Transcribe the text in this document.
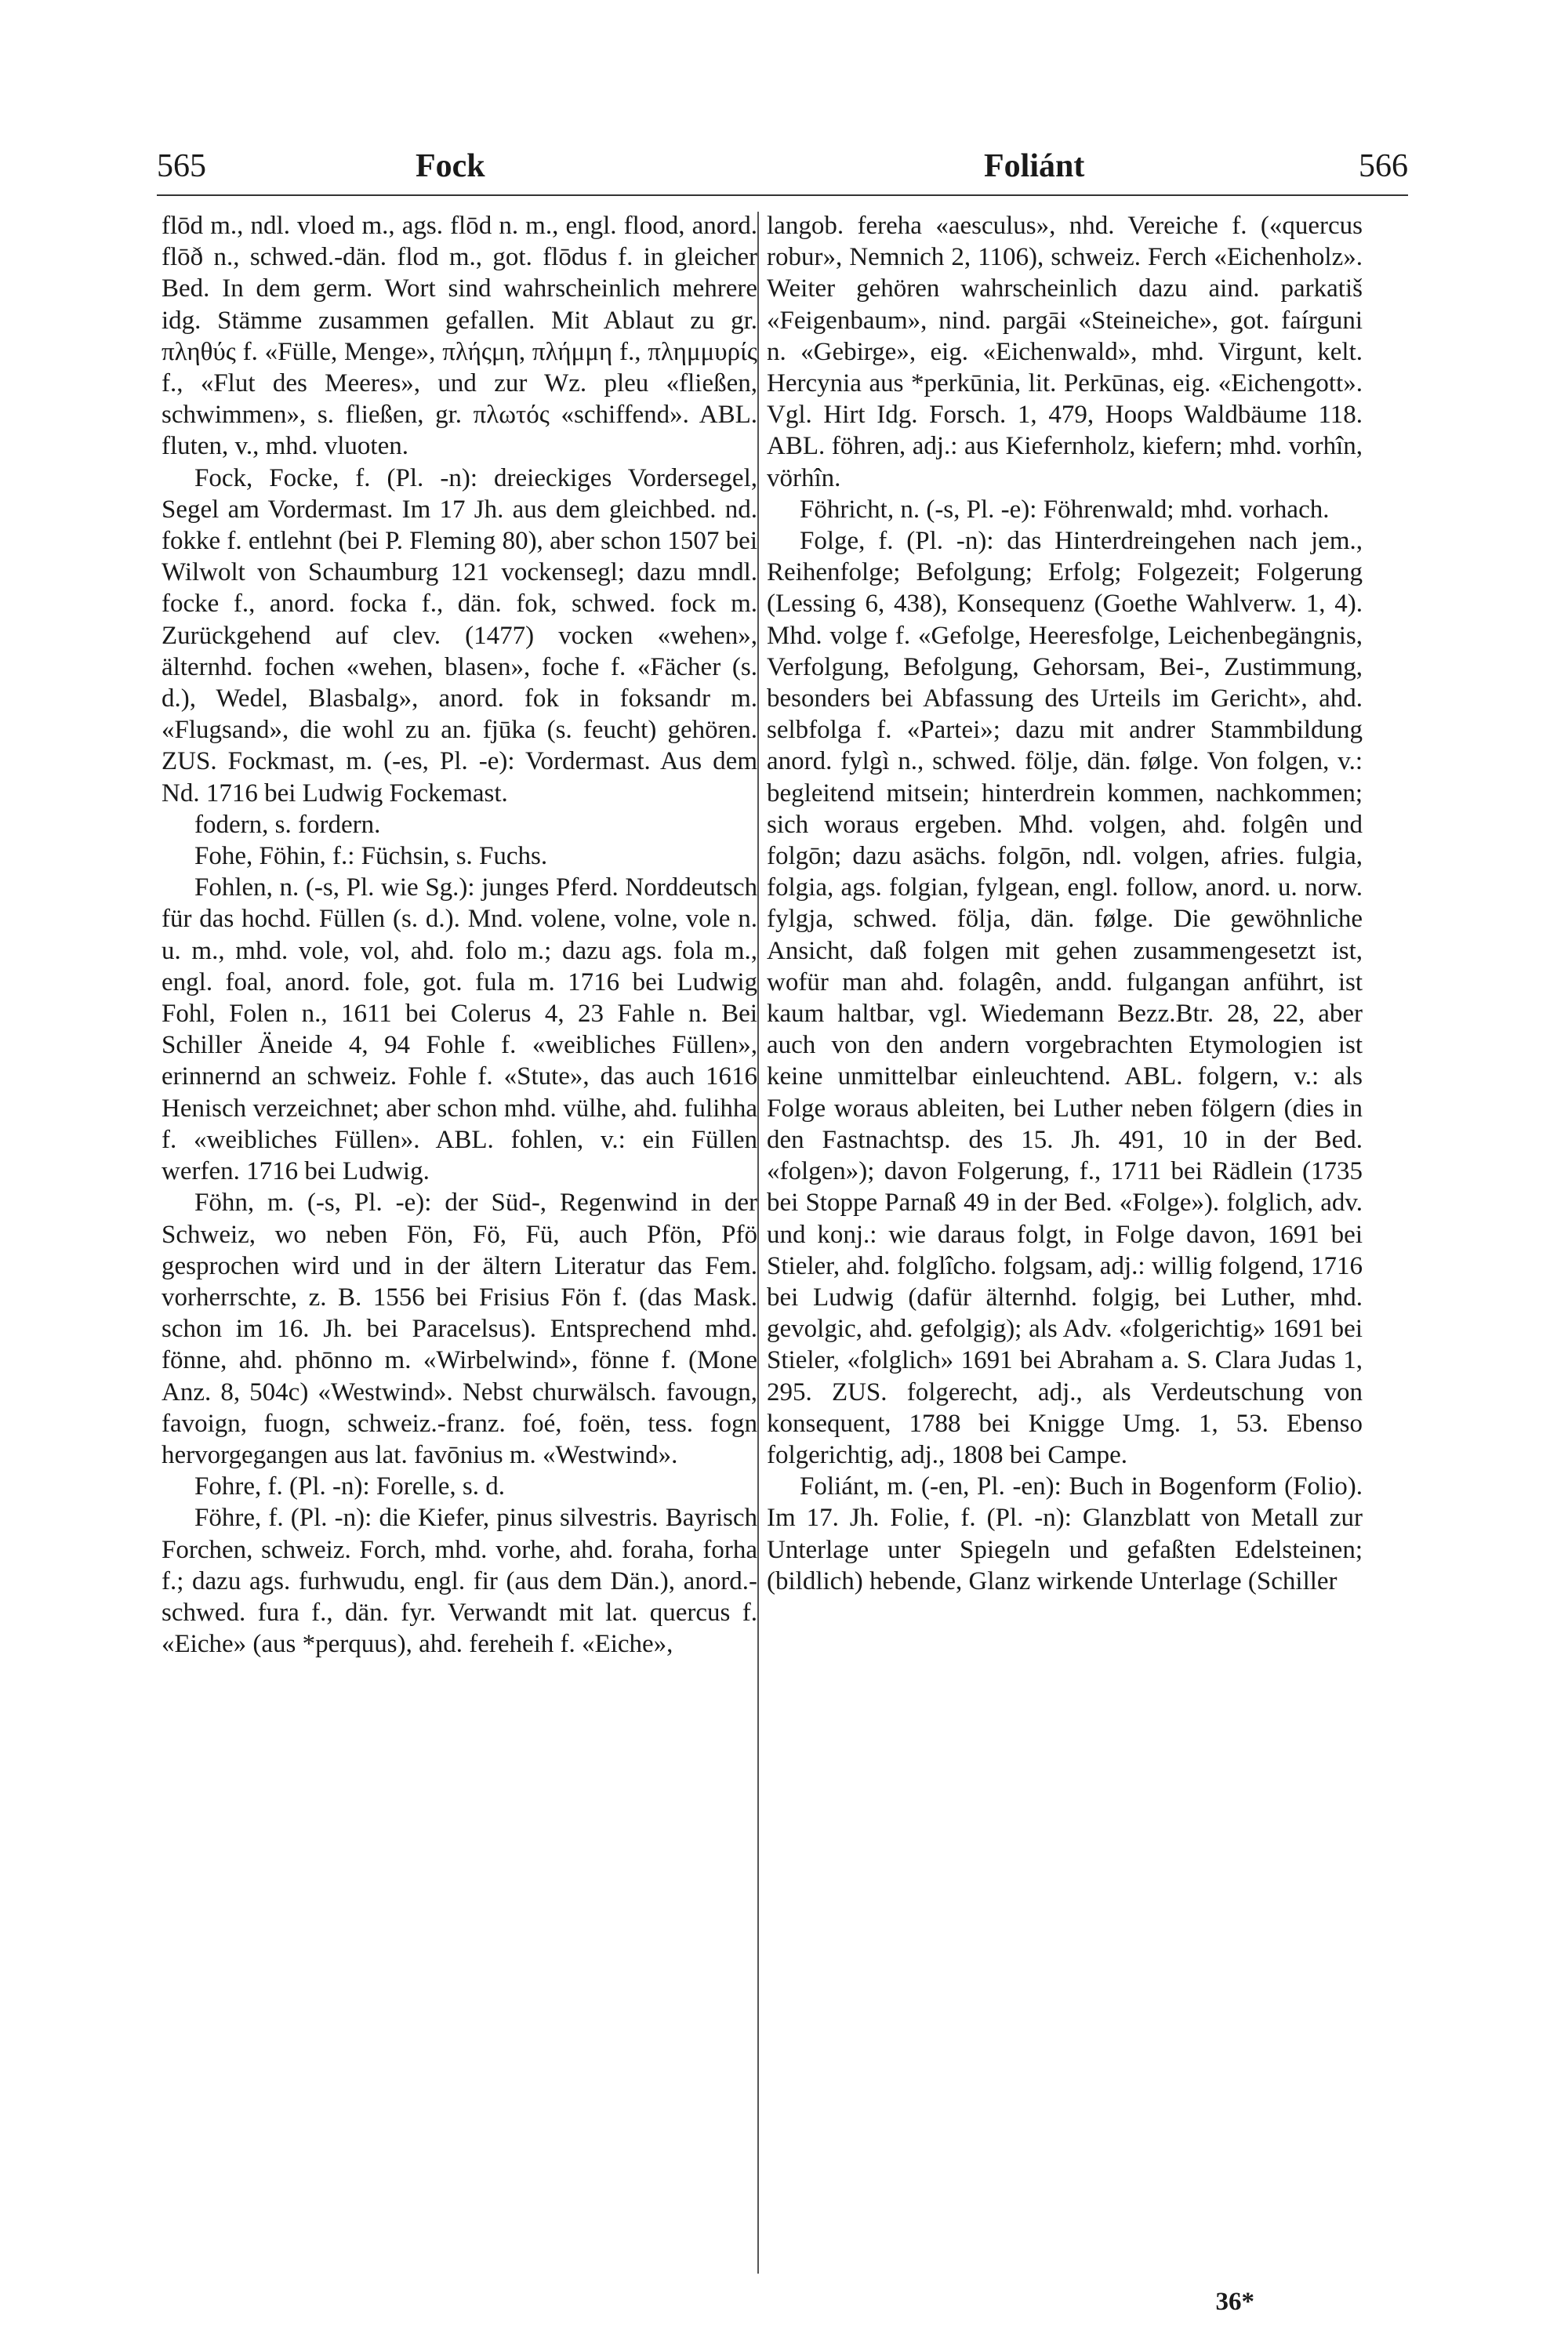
565	Fock	Foliánt	566

flōd m., ndl. vloed m., ags. flōd n. m., engl. flood, anord. flōð n., schwed.-dän. flod m., got. flōdus f. in gleicher Bed. In dem germ. Wort sind wahrscheinlich mehrere idg. Stämme zusammen gefallen. Mit Ablaut zu gr. πληθύς f. «Fülle, Menge», πλήςμη, πλήμμη f., πλημμυρίς f., «Flut des Meeres», und zur Wz. pleu «fließen, schwimmen», s. fließen, gr. πλωτός «schiffend». ABL. fluten, v., mhd. vluoten.

Fock, Focke, f. (Pl. -n): dreieckiges Vordersegel, Segel am Vordermast. Im 17 Jh. aus dem gleichbed. nd. fokke f. entlehnt (bei P. Fleming 80), aber schon 1507 bei Wilwolt von Schaumburg 121 vockensegl; dazu mndl. focke f., anord. focka f., dän. fok, schwed. fock m. Zurückgehend auf clev. (1477) vocken «wehen», älternhd. fochen «wehen, blasen», foche f. «Fächer (s. d.), Wedel, Blasbalg», anord. fok in foksandr m. «Flugsand», die wohl zu an. fjūka (s. feucht) gehören. ZUS. Fockmast, m. (-es, Pl. -e): Vordermast. Aus dem Nd. 1716 bei Ludwig Fockemast.

fodern, s. fordern.

Fohe, Föhin, f.: Füchsin, s. Fuchs.

Fohlen, n. (-s, Pl. wie Sg.): junges Pferd. Norddeutsch für das hochd. Füllen (s. d.). Mnd. volene, volne, vole n. u. m., mhd. vole, vol, ahd. folo m.; dazu ags. fola m., engl. foal, anord. fole, got. fula m. 1716 bei Ludwig Fohl, Folen n., 1611 bei Colerus 4, 23 Fahle n. Bei Schiller Äneide 4, 94 Fohle f. «weibliches Füllen», erinnernd an schweiz. Fohle f. «Stute», das auch 1616 Henisch verzeichnet; aber schon mhd. vülhe, ahd. fulihha f. «weibliches Füllen». ABL. fohlen, v.: ein Füllen werfen. 1716 bei Ludwig.

Föhn, m. (-s, Pl. -e): der Süd-, Regenwind in der Schweiz, wo neben Fön, Fö, Fü, auch Pfön, Pfö gesprochen wird und in der ältern Literatur das Fem. vorherrschte, z. B. 1556 bei Frisius Fön f. (das Mask. schon im 16. Jh. bei Paracelsus). Entsprechend mhd. fönne, ahd. phōnno m. «Wirbelwind», fönne f. (Mone Anz. 8, 504c) «Westwind». Nebst churwälsch. favougn, favoign, fuogn, schweiz.-franz. foé, foën, tess. fogn hervorgegangen aus lat. favōnius m. «Westwind».

Fohre, f. (Pl. -n): Forelle, s. d.

Föhre, f. (Pl. -n): die Kiefer, pinus silvestris. Bayrisch Forchen, schweiz. Forch, mhd. vorhe, ahd. foraha, forha f.; dazu ags. furhwudu, engl. fir (aus dem Dän.), anord.-schwed. fura f., dän. fyr. Verwandt mit lat. quercus f. «Eiche» (aus *perquus), ahd. fereheih f. «Eiche»,

langob. fereha «aesculus», nhd. Vereiche f. («quercus robur», Nemnich 2, 1106), schweiz. Ferch «Eichenholz». Weiter gehören wahrscheinlich dazu aind. parkatiš «Feigenbaum», nind. pargāi «Steineiche», got. faírguni n. «Gebirge», eig. «Eichenwald», mhd. Virgunt, kelt. Hercynia aus *perkūnia, lit. Perkūnas, eig. «Eichengott». Vgl. Hirt Idg. Forsch. 1, 479, Hoops Waldbäume 118. ABL. föhren, adj.: aus Kiefernholz, kiefern; mhd. vorhîn, vörhîn.

Föhricht, n. (-s, Pl. -e): Föhrenwald; mhd. vorhach.

Folge, f. (Pl. -n): das Hinterdreingehen nach jem., Reihenfolge; Befolgung; Erfolg; Folgezeit; Folgerung (Lessing 6, 438), Konsequenz (Goethe Wahlverw. 1, 4). Mhd. volge f. «Gefolge, Heeresfolge, Leichenbegängnis, Verfolgung, Befolgung, Gehorsam, Bei-, Zustimmung, besonders bei Abfassung des Urteils im Gericht», ahd. selbfolga f. «Partei»; dazu mit andrer Stammbildung anord. fylgì n., schwed. följe, dän. følge. Von folgen, v.: begleitend mitsein; hinterdrein kommen, nachkommen; sich woraus ergeben. Mhd. volgen, ahd. folgên und folgōn; dazu asächs. folgōn, ndl. volgen, afries. fulgia, folgia, ags. folgian, fylgean, engl. follow, anord. u. norw. fylgja, schwed. följa, dän. følge. Die gewöhnliche Ansicht, daß folgen mit gehen zusammengesetzt ist, wofür man ahd. folagên, andd. fulgangan anführt, ist kaum haltbar, vgl. Wiedemann Bezz.Btr. 28, 22, aber auch von den andern vorgebrachten Etymologien ist keine unmittelbar einleuchtend. ABL. folgern, v.: als Folge woraus ableiten, bei Luther neben fölgern (dies in den Fastnachtsp. des 15. Jh. 491, 10 in der Bed. «folgen»); davon Folgerung, f., 1711 bei Rädlein (1735 bei Stoppe Parnaß 49 in der Bed. «Folge»). folglich, adv. und konj.: wie daraus folgt, in Folge davon, 1691 bei Stieler, ahd. folglîcho. folgsam, adj.: willig folgend, 1716 bei Ludwig (dafür älternhd. folgig, bei Luther, mhd. gevolgic, ahd. gefolgig); als Adv. «folgerichtig» 1691 bei Stieler, «folglich» 1691 bei Abraham a. S. Clara Judas 1, 295. ZUS. folgerecht, adj., als Verdeutschung von konsequent, 1788 bei Knigge Umg. 1, 53. Ebenso folgerichtig, adj., 1808 bei Campe.

Foliánt, m. (-en, Pl. -en): Buch in Bogenform (Folio). Im 17. Jh. Folie, f. (Pl. -n): Glanzblatt von Metall zur Unterlage unter Spiegeln und gefaßten Edelsteinen; (bildlich) hebende, Glanz wirkende Unterlage (Schiller

36*
